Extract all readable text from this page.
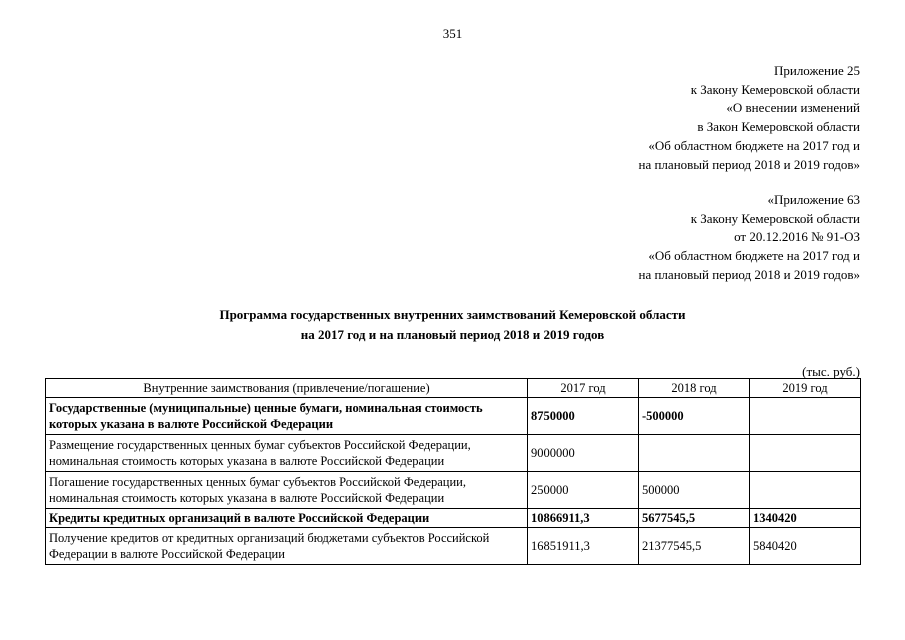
351
Приложение 25
к Закону Кемеровской области
«О внесении изменений
в Закон Кемеровской области
«Об областном бюджете на 2017 год и
на плановый период 2018 и 2019 годов»
«Приложение 63
к Закону Кемеровской области
от 20.12.2016 № 91-ОЗ
«Об областном бюджете на 2017 год и
на плановый период 2018 и 2019 годов»
Программа государственных внутренних заимствований Кемеровской области
на 2017 год и на плановый период 2018 и 2019 годов
(тыс. руб.)
Внутренние заимствования (привлечение/погашение)	2017 год	2018 год	2019 год
Государственные (муниципальные) ценные бумаги, номинальная стоимость которых указана в валюте Российской Федерации	8750000	-500000	
Размещение государственных ценных бумаг субъектов Российской Федерации, номинальная стоимость которых указана в валюте Российской Федерации	9000000		
Погашение государственных ценных бумаг субъектов Российской Федерации, номинальная стоимость которых указана в валюте Российской Федерации	250000	500000	
Кредиты кредитных организаций в валюте Российской Федерации	10866911,3	5677545,5	1340420
Получение кредитов от кредитных организаций бюджетами субъектов Российской Федерации в валюте Российской Федерации	16851911,3	21377545,5	5840420
